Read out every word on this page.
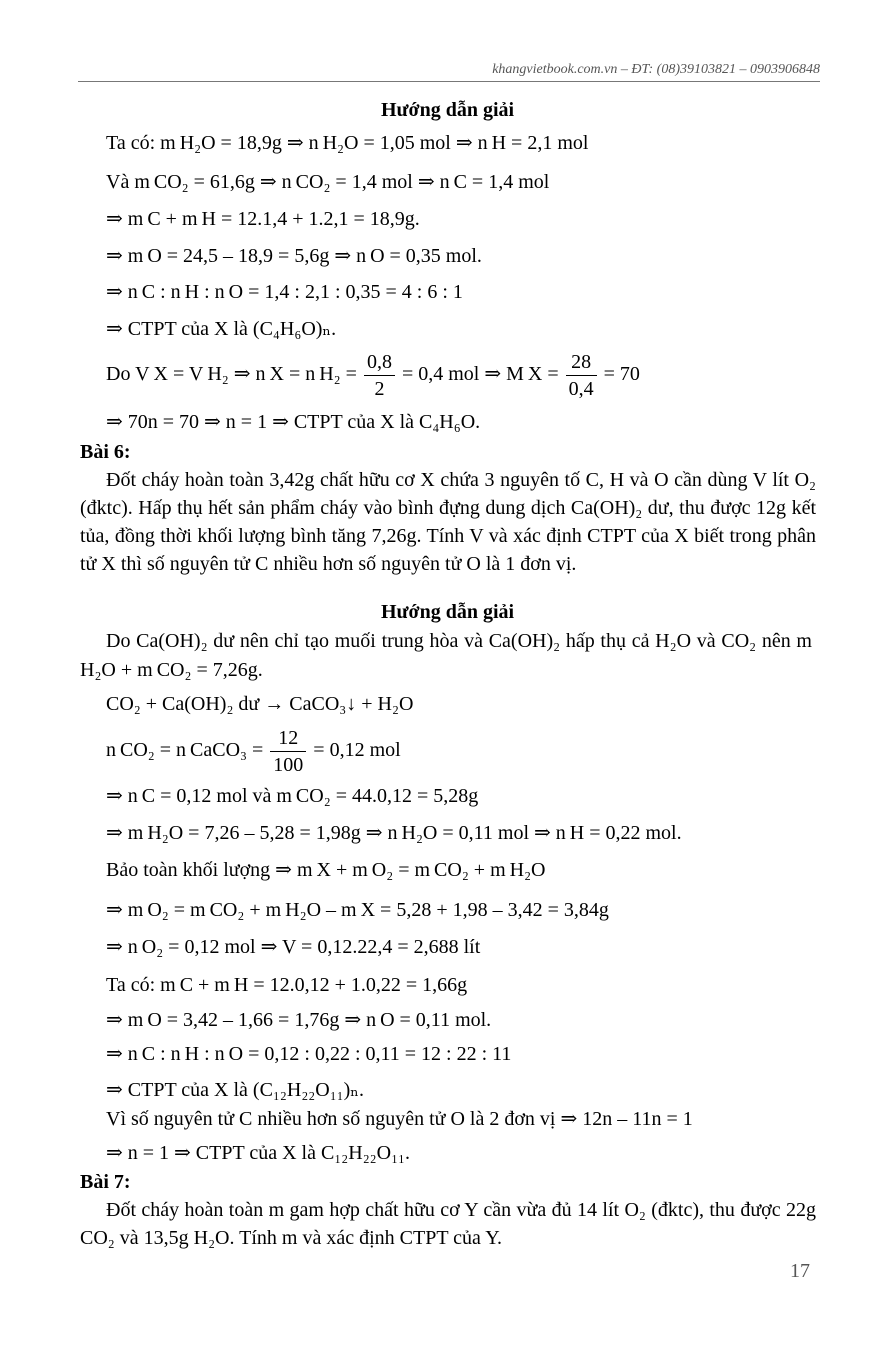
khangvietbook.com.vn – ĐT: (08)39103821 – 0903906848
Hướng dẫn giải
Ta có: m H₂O = 18,9g ⇒ n H₂O = 1,05 mol ⇒ n H = 2,1 mol
Và m CO₂ = 61,6g ⇒ n CO₂ = 1,4 mol ⇒ n C = 1,4 mol
⇒ m C + m H = 12.1,4 + 1.2,1 = 18,9g.
⇒ m O = 24,5 – 18,9 = 5,6g ⇒ n O = 0,35 mol.
⇒ n C : n H : n O = 1,4 : 2,1 : 0,35 = 4 : 6 : 1
⇒ CTPT của X là (C₄H₆O)ₙ.
Do V X = V H₂ ⇒ n X = n $H_2 = \frac{0,8}{2} = 0,4$ mol ⇒ M $X = \frac{28}{0,4} = 70$
⇒ 70n = 70 ⇒ n = 1 ⇒ CTPT của X là C₄H₆O.
Bài 6:
Đốt cháy hoàn toàn 3,42g chất hữu cơ X chứa 3 nguyên tố C, H và O cần dùng V lít O₂ (đktc). Hấp thụ hết sản phẩm cháy vào bình đựng dung dịch Ca(OH)₂ dư, thu được 12g kết tủa, đồng thời khối lượng bình tăng 7,26g. Tính V và xác định CTPT của X biết trong phân tử X thì số nguyên tử C nhiều hơn số nguyên tử O là 1 đơn vị.
Hướng dẫn giải
Do Ca(OH)₂ dư nên chỉ tạo muối trung hòa và Ca(OH)₂ hấp thụ cả H₂O và CO₂ nên m H₂O + m CO₂ = 7,26g.
CO₂ + Ca(OH)₂ dư → CaCO₃↓ + H₂O
n CO₂ = n CaCO₃ = $\frac{12}{100} = 0,12$ mol
⇒ n C = 0,12 mol và m CO₂ = 44.0,12 = 5,28g
⇒ m H₂O = 7,26 – 5,28 = 1,98g ⇒ n H₂O = 0,11 mol ⇒ n H = 0,22 mol.
Bảo toàn khối lượng ⇒ m X + m O₂ = m CO₂ + m H₂O
⇒ m O₂ = m CO₂ + m H₂O – m X = 5,28 + 1,98 – 3,42 = 3,84g
⇒ n O₂ = 0,12 mol ⇒ V = 0,12.22,4 = 2,688 lít
Ta có: m C + m H = 12.0,12 + 1.0,22 = 1,66g
⇒ m O = 3,42 – 1,66 = 1,76g ⇒ n O = 0,11 mol.
⇒ n C : n H : n O = 0,12 : 0,22 : 0,11 = 12 : 22 : 11
⇒ CTPT của X là (C₁₂H₂₂O₁₁)ₙ.
Vì số nguyên tử C nhiều hơn số nguyên tử O là 2 đơn vị ⇒ 12n – 11n = 1
⇒ n = 1 ⇒ CTPT của X là C₁₂H₂₂O₁₁.
Bài 7:
Đốt cháy hoàn toàn m gam hợp chất hữu cơ Y cần vừa đủ 14 lít O₂ (đktc), thu được 22g CO₂ và 13,5g H₂O. Tính m và xác định CTPT của Y.
17
